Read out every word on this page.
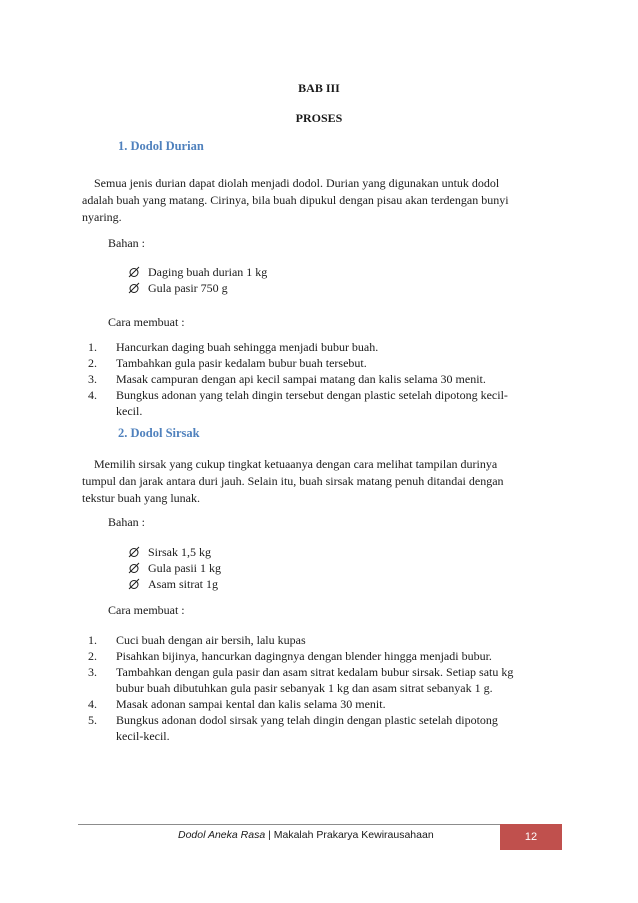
BAB III
PROSES
1. Dodol Durian
Semua jenis durian dapat diolah menjadi dodol. Durian yang digunakan untuk dodol
adalah buah yang matang. Cirinya, bila buah dipukul dengan pisau akan terdengan bunyi
nyaring.
Bahan :
Daging buah durian 1 kg
Gula pasir 750 g
Cara membuat :
1.	Hancurkan daging buah sehingga menjadi bubur buah.
2.	Tambahkan gula pasir kedalam bubur buah tersebut.
3.	Masak campuran dengan api kecil sampai matang dan kalis selama 30 menit.
4.	Bungkus adonan yang telah dingin tersebut dengan plastic setelah dipotong kecil-
kecil.
2. Dodol Sirsak
Memilih sirsak yang cukup tingkat ketuaanya dengan cara melihat tampilan durinya
tumpul dan jarak antara duri jauh. Selain itu, buah sirsak matang penuh ditandai dengan
tekstur buah yang lunak.
Bahan :
Sirsak 1,5 kg
Gula pasii 1 kg
Asam sitrat 1g
Cara membuat :
1.	Cuci buah dengan air bersih, lalu kupas
2.	Pisahkan bijinya, hancurkan dagingnya dengan blender hingga menjadi bubur.
3.	Tambahkan dengan gula pasir dan asam sitrat kedalam bubur sirsak. Setiap satu kg
bubur buah dibutuhkan gula pasir sebanyak 1 kg dan asam sitrat sebanyak 1 g.
4.	Masak adonan sampai kental dan kalis selama 30 menit.
5.	Bungkus adonan dodol sirsak yang telah dingin dengan plastic setelah dipotong
kecil-kecil.
Dodol Aneka Rasa | Makalah Prakarya Kewirausahaan	12
